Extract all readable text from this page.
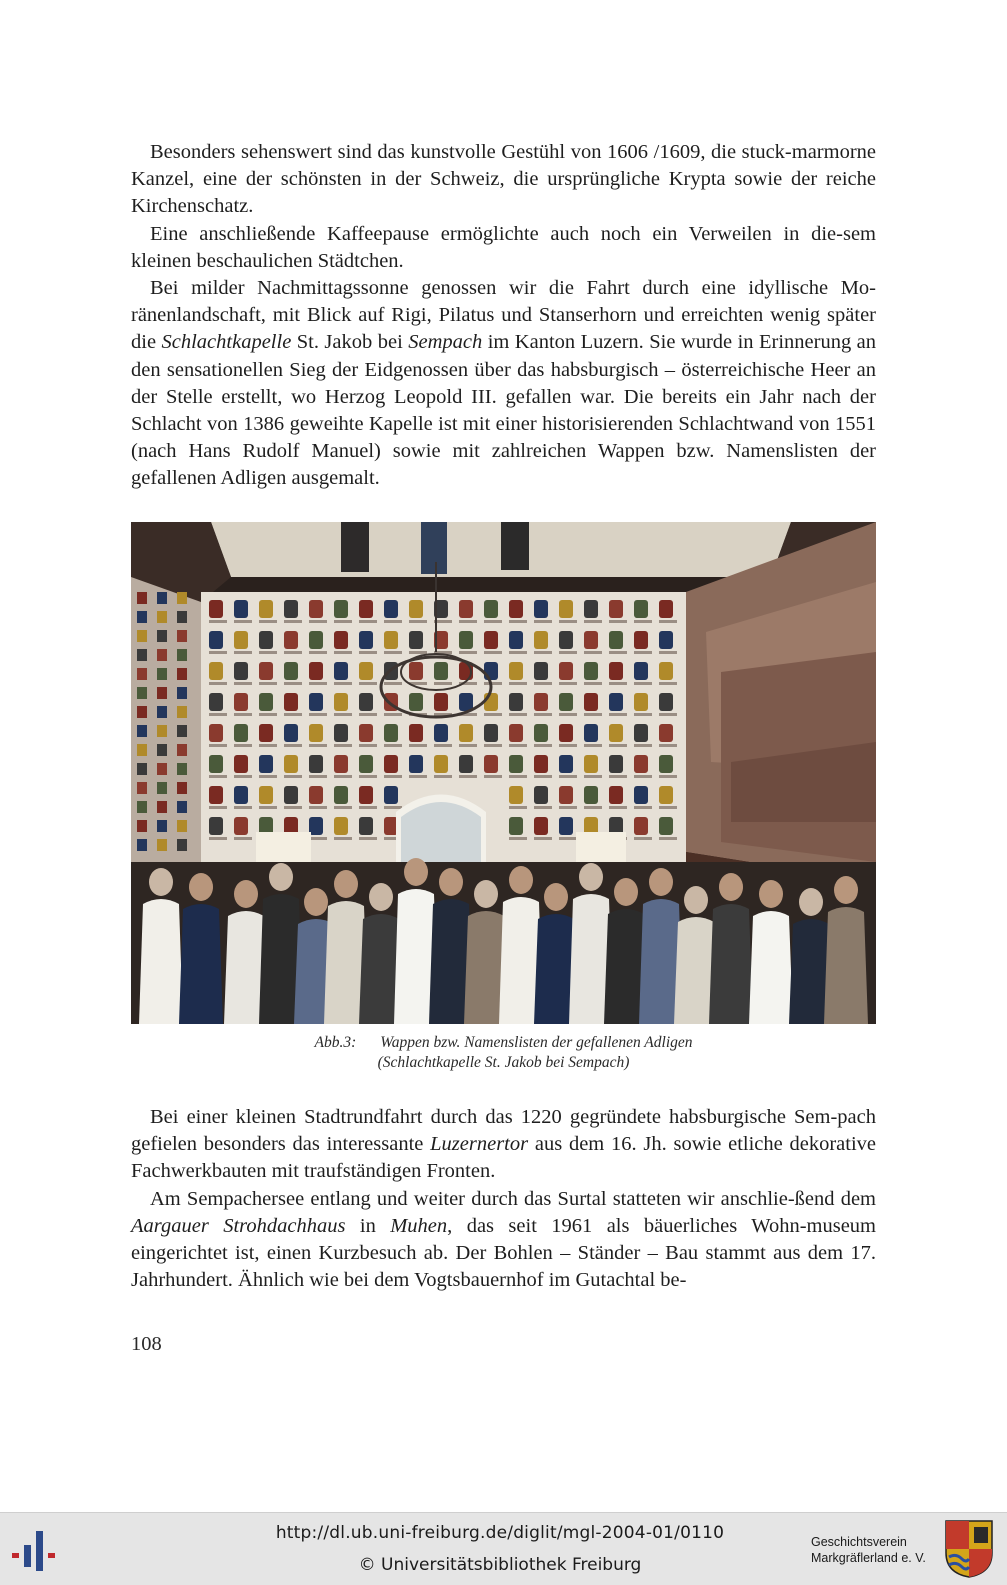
Besonders sehenswert sind das kunstvolle Gestühl von 1606 /1609, die stuck-marmorne Kanzel, eine der schönsten in der Schweiz, die ursprüngliche Krypta sowie der reiche Kirchenschatz.

Eine anschließende Kaffeepause ermöglichte auch noch ein Verweilen in die-sem kleinen beschaulichen Städtchen.

Bei milder Nachmittagssonne genossen wir die Fahrt durch eine idyllische Mo-ränenlandschaft, mit Blick auf Rigi, Pilatus und Stanserhorn und erreichten wenig später die Schlachtkapelle St. Jakob bei Sempach im Kanton Luzern. Sie wurde in Erinnerung an den sensationellen Sieg der Eidgenossen über das habsburgisch – österreichische Heer an der Stelle erstellt, wo Herzog Leopold III. gefallen war. Die bereits ein Jahr nach der Schlacht von 1386 geweihte Kapelle ist mit einer historisierenden Schlachtwand von 1551 (nach Hans Rudolf Manuel) sowie mit zahlreichen Wappen bzw. Namenslisten der gefallenen Adligen ausgemalt.

Abb.3: Wappen bzw. Namenslisten der gefallenen Adligen
(Schlachtkapelle St. Jakob bei Sempach)

Bei einer kleinen Stadtrundfahrt durch das 1220 gegründete habsburgische Sem-pach gefielen besonders das interessante Luzernertor aus dem 16. Jh. sowie etliche dekorative Fachwerkbauten mit traufständigen Fronten.

Am Sempachersee entlang und weiter durch das Surtal statteten wir anschlie-ßend dem Aargauer Strohdachhaus in Muhen, das seit 1961 als bäuerliches Wohn-museum eingerichtet ist, einen Kurzbesuch ab. Der Bohlen – Ständer – Bau stammt aus dem 17. Jahrhundert. Ähnlich wie bei dem Vogtsbauernhof im Gutachtal be-

108
http://dl.ub.uni-freiburg.de/diglit/mgl-2004-01/0110
© Universitätsbibliothek Freiburg
Geschichtsverein
Markgräflerland e. V.
